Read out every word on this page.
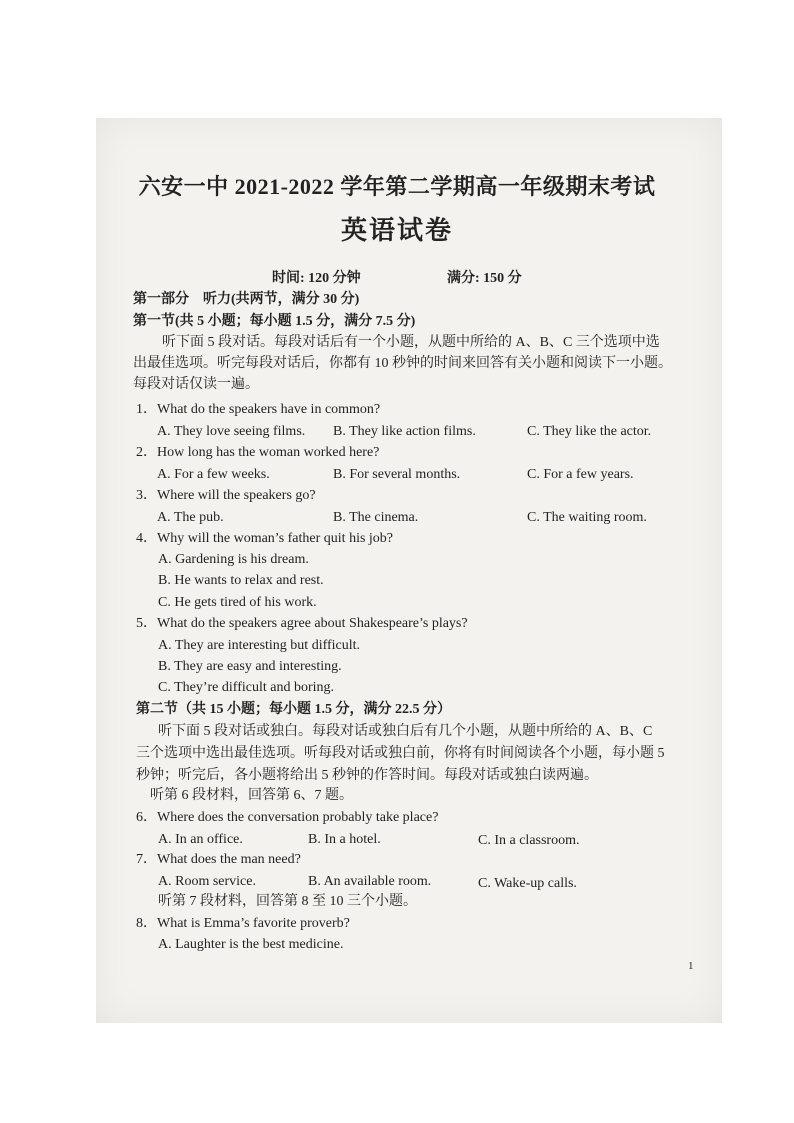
六安一中 2021-2022 学年第二学期高一年级期末考试
英语试卷
时间: 120 分钟	满分: 150 分
第一部分　听力(共两节，满分 30 分)
第一节(共 5 小题；每小题 1.5 分，满分 7.5 分)
听下面 5 段对话。每段对话后有一个小题，从题中所给的 A、B、C 三个选项中选
出最佳选项。听完每段对话后，你都有 10 秒钟的时间来回答有关小题和阅读下一小题。
每段对话仅读一遍。
1．What do the speakers have in common?
A. They love seeing films. B. They like action films.	C. They like the actor.
2．How long has the woman worked here?
A. For a few weeks.	B. For several months.	C. For a few years.
3．Where will the speakers go?
A. The pub.	B. The cinema.	C. The waiting room.
4．Why will the woman’s father quit his job?
A. Gardening is his dream.
B. He wants to relax and rest.
C. He gets tired of his work.
5．What do the speakers agree about Shakespeare’s plays?
A. They are interesting but difficult.
B. They are easy and interesting.
C. They’re difficult and boring.
第二节（共 15 小题；每小题 1.5 分，满分 22.5 分）
听下面 5 段对话或独白。每段对话或独白后有几个小题，从题中所给的 A、B、C
三个选项中选出最佳选项。听每段对话或独白前，你将有时间阅读各个小题，每小题 5
秒钟；听完后，各小题将给出 5 秒钟的作答时间。每段对话或独白读两遍。
听第 6 段材料，回答第 6、7 题。
6．Where does the conversation probably take place?
A. In an office.	B. In a hotel.	C. In a classroom.
7．What does the man need?
A. Room service.	B. An available room.	C. Wake-up calls.
听第 7 段材料，回答第 8 至 10 三个小题。
8．What is Emma’s favorite proverb?
A. Laughter is the best medicine.
1
